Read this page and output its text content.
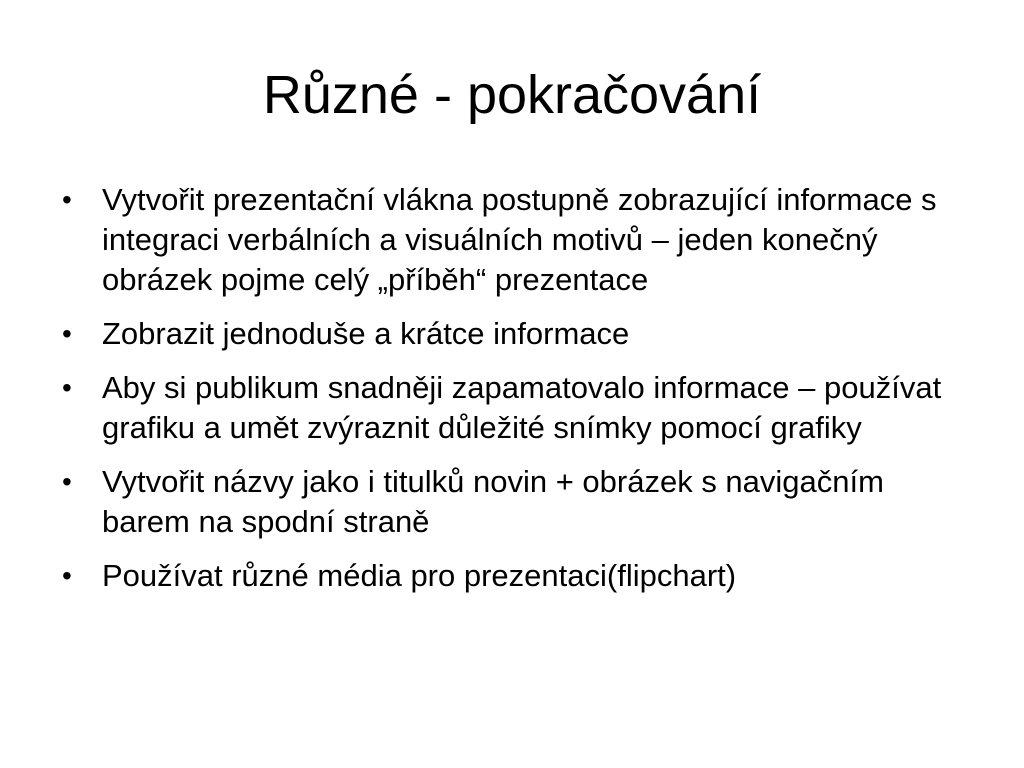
Různé - pokračování
• Vytvořit prezentační vlákna postupně zobrazující informace s integraci verbálních a visuálních motivů – jeden konečný obrázek pojme celý „příběh“ prezentace
• Zobrazit jednoduše a krátce informace
• Aby si publikum snadněji zapamatovalo informace – používat grafiku a umět zvýraznit důležité snímky pomocí grafiky
• Vytvořit názvy jako i titulků novin + obrázek s navigačním barem na spodní straně
• Používat různé média pro prezentaci(flipchart)
